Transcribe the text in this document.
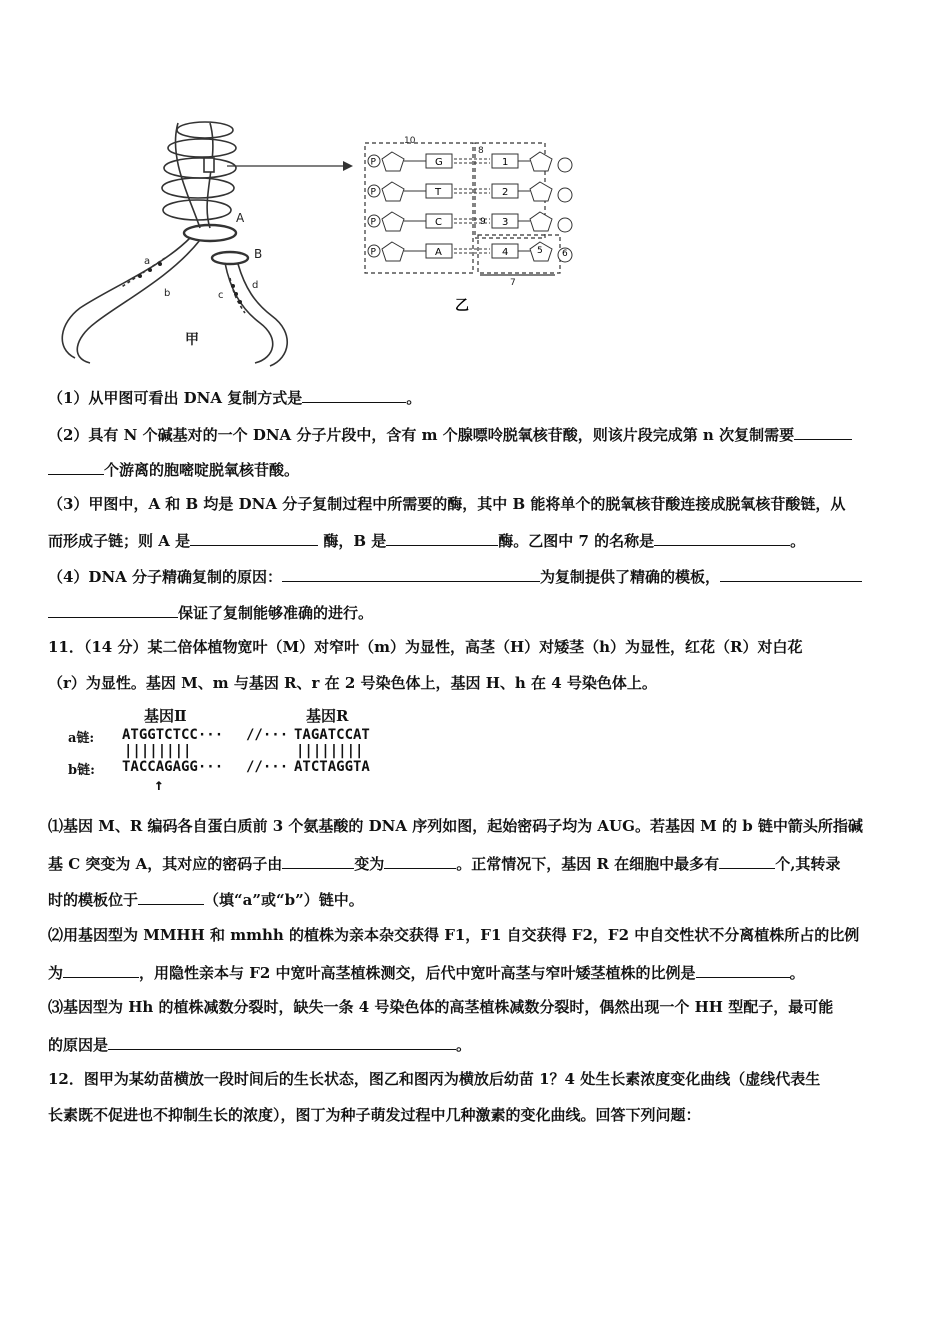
A
B
a
b	c
d
甲
10
8
7
P	G	1
P	T	2
P	C	3
P	A	4
9
5 6
乙
（1）从甲图可看出 DNA 复制方式是	。
（2）具有 N 个碱基对的一个 DNA 分子片段中，含有 m 个腺嘌呤脱氧核苷酸，则该片段完成第 n 次复制需要
个游离的胞嘧啶脱氧核苷酸。
（3）甲图中，A 和 B 均是 DNA 分子复制过程中所需要的酶，其中 B 能将单个的脱氧核苷酸连接成脱氧核苷酸链，从
而形成子链；则 A 是	酶，B 是	酶。乙图中 7 的名称是	。
（4）DNA 分子精确复制的原因：	为复制提供了精确的模板，
保证了复制能够准确的进行。
11．（14 分）某二倍体植物宽叶（M）对窄叶（m）为显性，高茎（H）对矮茎（h）为显性，红花（R）对白花
（r）为显性。基因 M、m 与基因 R、r 在 2 号染色体上，基因 H、h 在 4 号染色体上。
基因Ⅱ	基因R
a链: ATGGTCTCC··· //··· TAGATCCAT
||||||||	||||||||
b链: TACCAGAGG··· //··· ATCTAGGTA
↑
⑴基因 M、R 编码各自蛋白质前 3 个氨基酸的 DNA 序列如图，起始密码子均为 AUG。若基因 M 的 b 链中箭头所指碱
基 C 突变为 A，其对应的密码子由	变为	。正常情况下，基因 R 在细胞中最多有	个,其转录
时的模板位于	（填“a”或“b”）链中。
⑵用基因型为 MMHH 和 mmhh 的植株为亲本杂交获得 F1，F1 自交获得 F2，F2 中自交性状不分离植株所占的比例
为	，用隐性亲本与 F2 中宽叶高茎植株测交，后代中宽叶高茎与窄叶矮茎植株的比例是	。
⑶基因型为 Hh 的植株减数分裂时，缺失一条 4 号染色体的高茎植株减数分裂时，偶然出现一个 HH 型配子，最可能
的原因是	。
12．图甲为某幼苗横放一段时间后的生长状态，图乙和图丙为横放后幼苗 1？4 处生长素浓度变化曲线（虚线代表生
长素既不促进也不抑制生长的浓度），图丁为种子萌发过程中几种激素的变化曲线。回答下列问题：
